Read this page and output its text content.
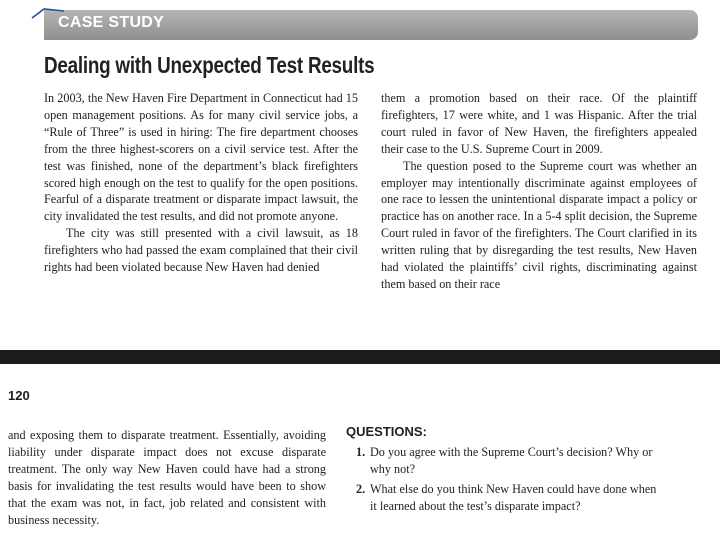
CASE STUDY
Dealing with Unexpected Test Results

In 2003, the New Haven Fire Department in Connecticut had 15 open management positions. As for many civil service jobs, a “Rule of Three” is used in hiring: The fire department chooses from the three highest-scorers on a civil service test. After the test was finished, none of the department’s black firefighters scored high enough on the test to qualify for the open positions. Fearful of a disparate treatment or disparate impact lawsuit, the city invalidated the test results, and did not promote anyone.

The city was still presented with a civil lawsuit, as 18 firefighters who had passed the exam complained that their civil rights had been violated because New Haven had denied

them a promotion based on their race. Of the plaintiff firefighters, 17 were white, and 1 was Hispanic. After the trial court ruled in favor of New Haven, the firefighters appealed their case to the U.S. Supreme Court in 2009.

The question posed to the Supreme court was whether an employer may intentionally discriminate against employees of one race to lessen the unintentional disparate impact a policy or practice has on another race. In a 5-4 split decision, the Supreme Court ruled in favor of the firefighters. The Court clarified in its written ruling that by disregarding the test results, New Haven had violated the plaintiffs’ civil rights, discriminating against them based on their race

120

and exposing them to disparate treatment. Essentially, avoiding liability under disparate impact does not excuse disparate treatment. The only way New Haven could have had a strong basis for invalidating the test results would have been to show that the exam was not, in fact, job related and consistent with business necessity.

QUESTIONS:
1. Do you agree with the Supreme Court’s decision? Why or why not?
2. What else do you think New Haven could have done when it learned about the test’s disparate impact?
